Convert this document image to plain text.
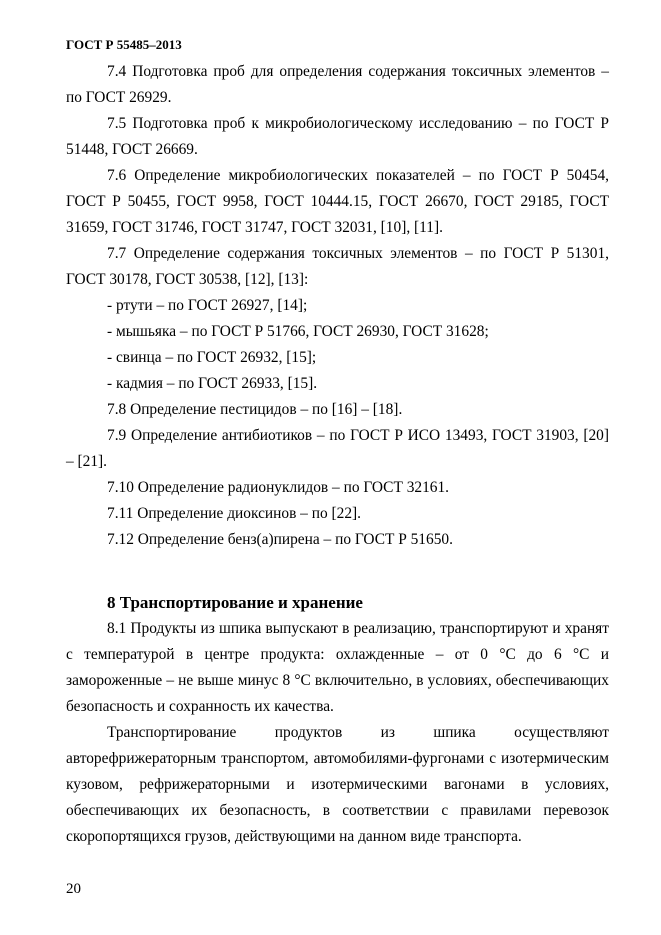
ГОСТ Р 55485–2013

7.4 Подготовка проб для определения содержания токсичных элементов – по ГОСТ 26929.

7.5 Подготовка проб к микробиологическому исследованию – по ГОСТ Р 51448, ГОСТ 26669.

7.6 Определение микробиологических показателей – по ГОСТ Р 50454, ГОСТ Р 50455, ГОСТ 9958, ГОСТ 10444.15, ГОСТ 26670, ГОСТ 29185, ГОСТ 31659, ГОСТ 31746, ГОСТ 31747, ГОСТ 32031, [10], [11].

7.7 Определение содержания токсичных элементов – по ГОСТ Р 51301, ГОСТ 30178, ГОСТ 30538, [12], [13]:

- ртути – по ГОСТ 26927, [14];

- мышьяка – по ГОСТ Р 51766, ГОСТ 26930, ГОСТ 31628;

- свинца – по ГОСТ 26932, [15];

- кадмия – по ГОСТ 26933, [15].

7.8 Определение пестицидов – по [16] – [18].

7.9 Определение антибиотиков – по ГОСТ Р ИСО 13493, ГОСТ 31903, [20] – [21].

7.10 Определение радионуклидов – по ГОСТ 32161.

7.11 Определение диоксинов – по [22].

7.12 Определение бенз(а)пирена – по ГОСТ Р 51650.

8 Транспортирование и хранение

8.1 Продукты из шпика выпускают в реализацию, транспортируют и хранят с температурой в центре продукта: охлажденные – от 0 °С до 6 °С и замороженные – не выше минус 8 °С включительно, в условиях, обеспечивающих безопасность и сохранность их качества.

Транспортирование продуктов из шпика осуществляют авторефрижераторным транспортом, автомобилями-фургонами с изотермическим кузовом, рефрижераторными и изотермическими вагонами в условиях, обеспечивающих их безопасность, в соответствии с правилами перевозок скоропортящихся грузов, действующими на данном виде транспорта.

20
